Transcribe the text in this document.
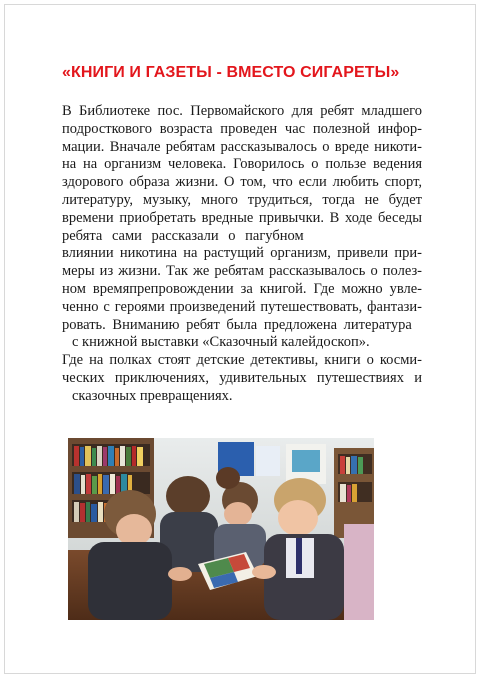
«КНИГИ И ГАЗЕТЫ - ВМЕСТО СИГАРЕТЫ»
В Библиотеке пос. Первомайского для ребят младшего
подросткового возраста проведен час полезной инфор-
мации. Вначале ребятам рассказывалось о вреде никоти-
на на организм человека. Говорилось о пользе ведения
здорового образа жизни. О том, что если любить спорт,
литературу, музыку, много трудиться, тогда не будет
времени приобретать вредные привычки. В ходе беседы
ребята сами рассказали о пагубном
влиянии никотина на растущий организм, привели при-
меры из жизни. Так же ребятам рассказывалось о полез-
ном времяпрепровождении за книгой. Где можно увле-
ченно с героями произведений путешествовать, фантази-
ровать. Вниманию ребят была предложена литература
с книжной выставки «Сказочный калейдоскоп».
Где на полках стоят детские детективы, книги о косми-
ческих приключениях, удивительных путешествиях и
сказочных превращениях.
